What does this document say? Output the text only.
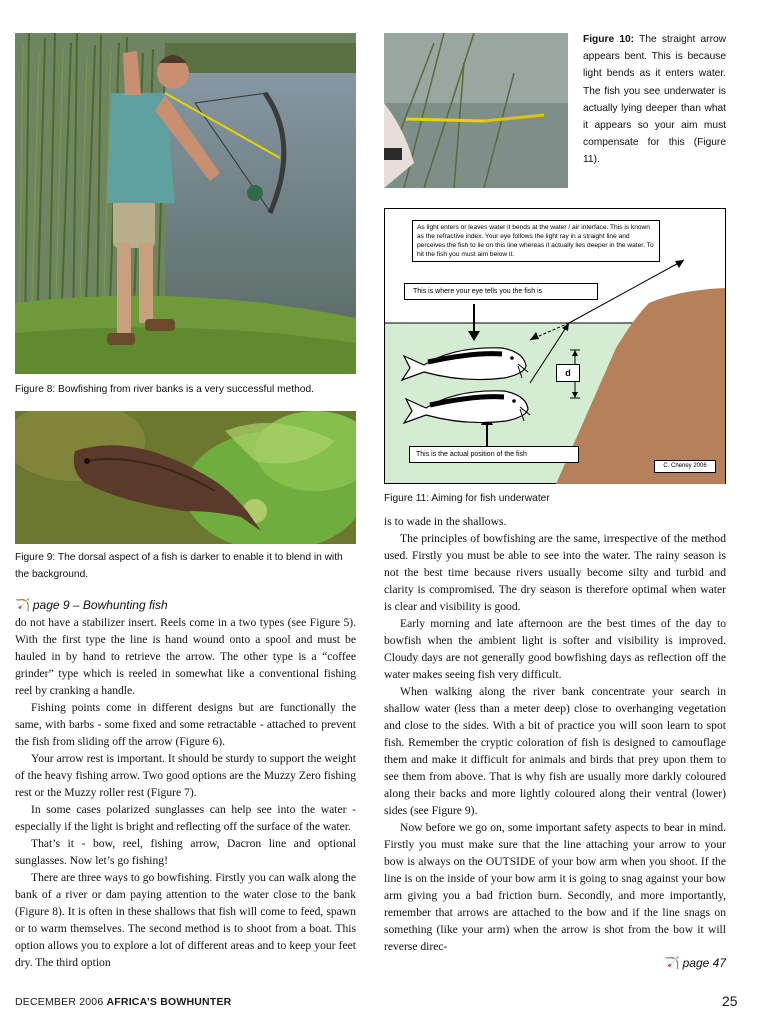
Figure 8: Bowfishing from river banks is a very successful method.
Figure 9: The dorsal aspect of a fish is darker to enable it to blend in with the background.
Figure 10: The straight arrow appears bent. This is because light bends as it enters water. The fish you see underwater is actually lying deeper than what it appears so your aim must compensate for this (Figure 11).
As light enters or leaves water it bends at the water / air interface. This is known as the refractive index. Your eye follows the light ray in a straight line and perceives the fish to lie on this line whereas it actually lies deeper in the water. To hit the fish you must aim below it.
This is where your eye tells you the fish is
This is the actual position of the fish
d
C. Cheney 2006
Figure 11: Aiming for fish underwater

🏹 page 9 – Bowhunting fish

do not have a stabilizer insert. Reels come in a two types (see Figure 5). With the first type the line is hand wound onto a spool and must be hauled in by hand to retrieve the arrow. The other type is a “coffee grinder” type which is reeled in somewhat like a conventional fishing reel by cranking a handle.

Fishing points come in different designs but are functionally the same, with barbs - some fixed and some retractable - attached to prevent the fish from sliding off the arrow (Figure 6).

Your arrow rest is important. It should be sturdy to support the weight of the heavy fishing arrow. Two good options are the Muzzy Zero fishing rest or the Muzzy roller rest (Figure 7).

In some cases polarized sunglasses can help see into the water - especially if the light is bright and reflecting off the surface of the water.

That’s it - bow, reel, fishing arrow, Dacron line and optional sunglasses. Now let’s go fishing!

There are three ways to go bowfishing. Firstly you can walk along the bank of a river or dam paying attention to the water close to the bank (Figure 8). It is often in these shallows that fish will come to feed, spawn or to warm themselves. The second method is to shoot from a boat. This option allows you to explore a lot of different areas and to keep your feet dry. The third option

is to wade in the shallows.

The principles of bowfishing are the same, irrespective of the method used. Firstly you must be able to see into the water. The rainy season is not the best time because rivers usually become silty and turbid and clarity is compromised. The dry season is therefore optimal when water is clear and visibility is good.

Early morning and late afternoon are the best times of the day to bowfish when the ambient light is softer and visibility is improved. Cloudy days are not generally good bowfishing days as reflection off the water makes seeing fish very difficult.

When walking along the river bank concentrate your search in shallow water (less than a meter deep) close to overhanging vegetation and close to the sides. With a bit of practice you will soon learn to spot fish. Remember the cryptic coloration of fish is designed to camouflage them and make it difficult for animals and birds that prey upon them to see them from above. That is why fish are usually more darkly coloured along their backs and more lightly coloured along their ventral (lower) sides (see Figure 9).

Now before we go on, some important safety aspects to bear in mind. Firstly you must make sure that the line attaching your arrow to your bow is always on the OUTSIDE of your bow arm when you shoot. If the line is on the inside of your bow arm it is going to snag against your bow arm giving you a bad friction burn. Secondly, and more importantly, remember that arrows are attached to the bow and if the line snags on something (like your arm) when the arrow is shot from the bow it will reverse direc-

🏹 page 47

DECEMBER 2006 AFRICA’S BOWHUNTER	25
